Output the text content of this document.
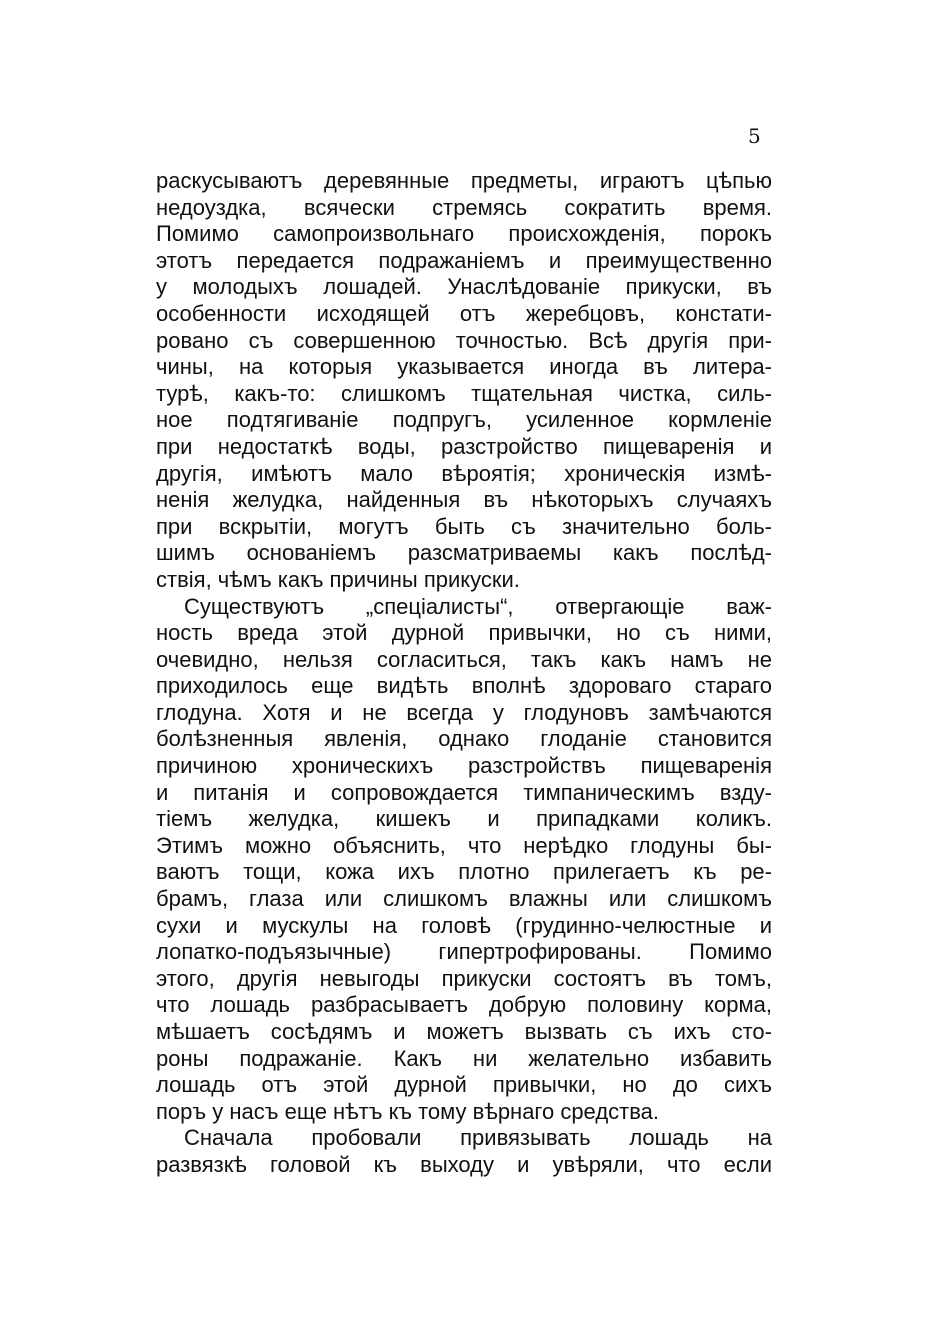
5
раскусываютъ деревянные предметы, играютъ цѣпью
недоуздка, всячески стремясь сократить время.
Помимо самопроизвольнаго происхожденія, порокъ
этотъ передается подражаніемъ и преимущественно
у молодыхъ лошадей. Унаслѣдованіе прикуски, въ
особенности исходящей отъ жеребцовъ, констати-
ровано съ совершенною точностью. Всѣ другія при-
чины, на которыя указывается иногда въ литера-
турѣ, какъ-то: слишкомъ тщательная чистка, силь-
ное подтягиваніе подпругъ, усиленное кормленіе
при недостаткѣ воды, разстройство пищеваренія и
другія, имѣютъ мало вѣроятія; хроническія измѣ-
ненія желудка, найденныя въ нѣкоторыхъ случаяхъ
при вскрытіи, могутъ быть съ значительно боль-
шимъ основаніемъ разсматриваемы какъ послѣд-
ствія, чѣмъ какъ причины прикуски.
Существуютъ „спеціалисты“, отвергающіе важ-
ность вреда этой дурной привычки, но съ ними,
очевидно, нельзя согласиться, такъ какъ намъ не
приходилось еще видѣть вполнѣ здороваго стараго
глодуна. Хотя и не всегда у глодуновъ замѣчаются
болѣзненныя явленія, однако глоданіе становится
причиною хроническихъ разстройствъ пищеваренія
и питанія и сопровождается тимпаническимъ взду-
тіемъ желудка, кишекъ и припадками коликъ.
Этимъ можно объяснить, что нерѣдко глодуны бы-
ваютъ тощи, кожа ихъ плотно прилегаетъ къ ре-
брамъ, глаза или слишкомъ влажны или слишкомъ
сухи и мускулы на головѣ (грудинно-челюстные и
лопатко-подъязычные) гипертрофированы. Помимо
этого, другія невыгоды прикуски состоятъ въ томъ,
что лошадь разбрасываетъ добрую половину корма,
мѣшаетъ сосѣдямъ и можетъ вызвать съ ихъ сто-
роны подражаніе. Какъ ни желательно избавить
лошадь отъ этой дурной привычки, но до сихъ
поръ у насъ еще нѣтъ къ тому вѣрнаго средства.
Сначала пробовали привязывать лошадь на
развязкѣ головой къ выходу и увѣряли, что если
